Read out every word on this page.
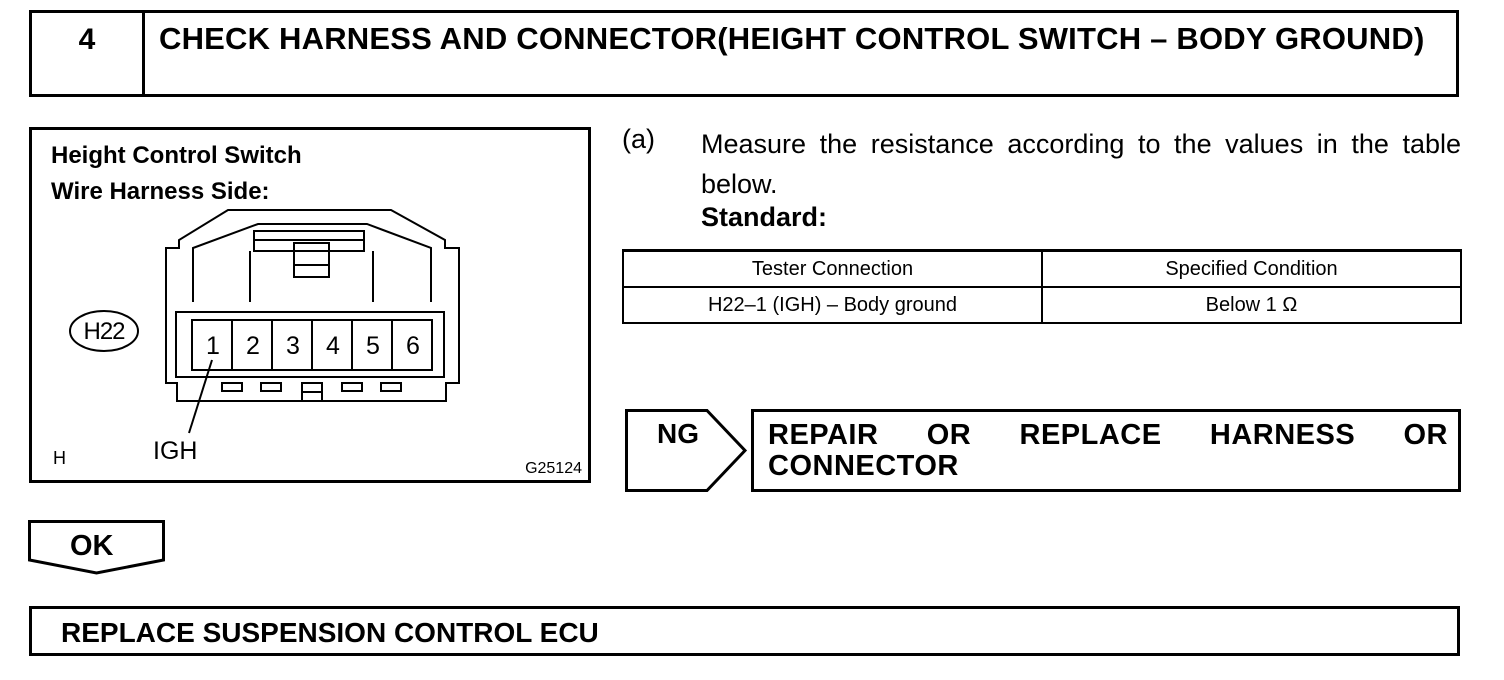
4	CHECK HARNESS AND CONNECTOR(HEIGHT CONTROL SWITCH – BODY GROUND)
Height Control Switch
Wire Harness Side:
H22
1	2	3	4	5	6
IGH
H
G25124
(a) Measure the resistance according to the values in the table below.
Standard:
Tester Connection	Specified Condition
H22–1 (IGH) – Body ground	Below 1 Ω
NG REPAIR OR REPLACE HARNESS OR CONNECTOR
OK
REPLACE SUSPENSION CONTROL ECU
